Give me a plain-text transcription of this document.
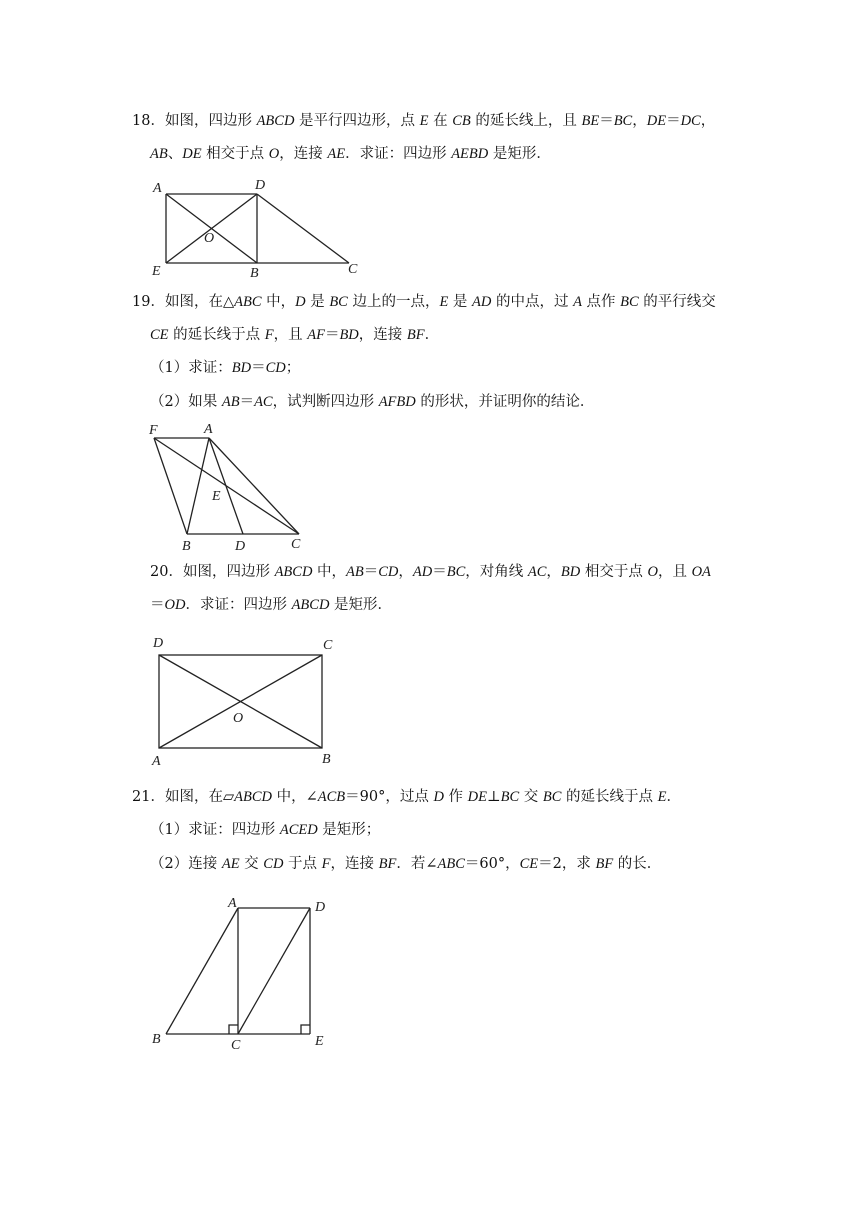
18．如图，四边形 ABCD 是平行四边形，点 E 在 CB 的延长线上，且 BE＝BC，DE＝DC，
AB、DE 相交于点 O，连接 AE．求证：四边形 AEBD 是矩形．
A	D
O
E	B	C
19．如图，在△ABC 中，D 是 BC 边上的一点，E 是 AD 的中点，过 A 点作 BC 的平行线交
CE 的延长线于点 F，且 AF＝BD，连接 BF．
（1）求证：BD＝CD；
（2）如果 AB＝AC，试判断四边形 AFBD 的形状，并证明你的结论．
F	A
E
B	D	C
20．如图，四边形 ABCD 中，AB＝CD，AD＝BC，对角线 AC，BD 相交于点 O，且 OA
＝OD．求证：四边形 ABCD 是矩形．
D	C
O
A	B
21．如图，在▱ABCD 中，∠ACB＝90°，过点 D 作 DE⊥BC 交 BC 的延长线于点 E．
（1）求证：四边形 ACED 是矩形；
（2）连接 AE 交 CD 于点 F，连接 BF．若∠ABC＝60°，CE＝2，求 BF 的长．
A	D
B	C	E
